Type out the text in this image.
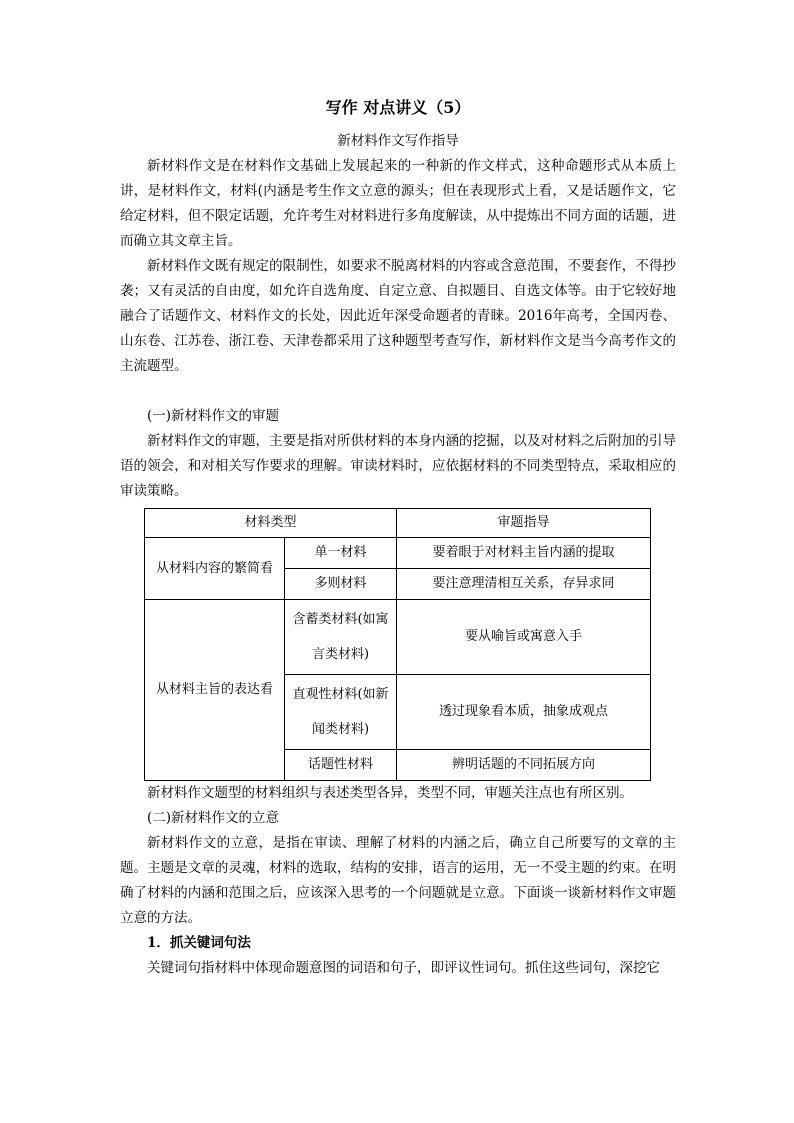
写作 对点讲义（5）
新材料作文写作指导

新材料作文是在材料作文基础上发展起来的一种新的作文样式，这种命题形式从本质上讲，是材料作文，材料(内涵是考生作文立意的源头；但在表现形式上看，又是话题作文，它给定材料，但不限定话题，允许考生对材料进行多角度解读，从中提炼出不同方面的话题，进而确立其文章主旨。

新材料作文既有规定的限制性，如要求不脱离材料的内容或含意范围，不要套作，不得抄袭；又有灵活的自由度，如允许自选角度、自定立意、自拟题目、自选文体等。由于它较好地融合了话题作文、材料作文的长处，因此近年深受命题者的青睐。2016年高考，全国丙卷、山东卷、江苏卷、浙江卷、天津卷都采用了这种题型考查写作，新材料作文是当今高考作文的主流题型。

(一)新材料作文的审题

新材料作文的审题，主要是指对所供材料的本身内涵的挖掘，以及对材料之后附加的引导语的领会，和对相关写作要求的理解。审读材料时，应依据材料的不同类型特点，采取相应的审读策略。

材料类型		审题指导
从材料内容的繁简看	单一材料	要着眼于对材料主旨内涵的提取
	多则材料	要注意理清相互关系，存异求同
从材料主旨的表达看	含蓄类材料(如寓言类材料)	要从喻旨或寓意入手
	直观性材料(如新闻类材料)	透过现象看本质，抽象成观点
	话题性材料	辨明话题的不同拓展方向

新材料作文题型的材料组织与表述类型各异，类型不同，审题关注点也有所区别。

(二)新材料作文的立意

新材料作文的立意，是指在审读、理解了材料的内涵之后，确立自己所要写的文章的主题。主题是文章的灵魂，材料的选取，结构的安排，语言的运用，无一不受主题的约束。在明确了材料的内涵和范围之后，应该深入思考的一个问题就是立意。下面谈一谈新材料作文审题立意的方法。

1．抓关键词句法

关键词句指材料中体现命题意图的词语和句子，即评议性词句。抓住这些词句，深挖它
